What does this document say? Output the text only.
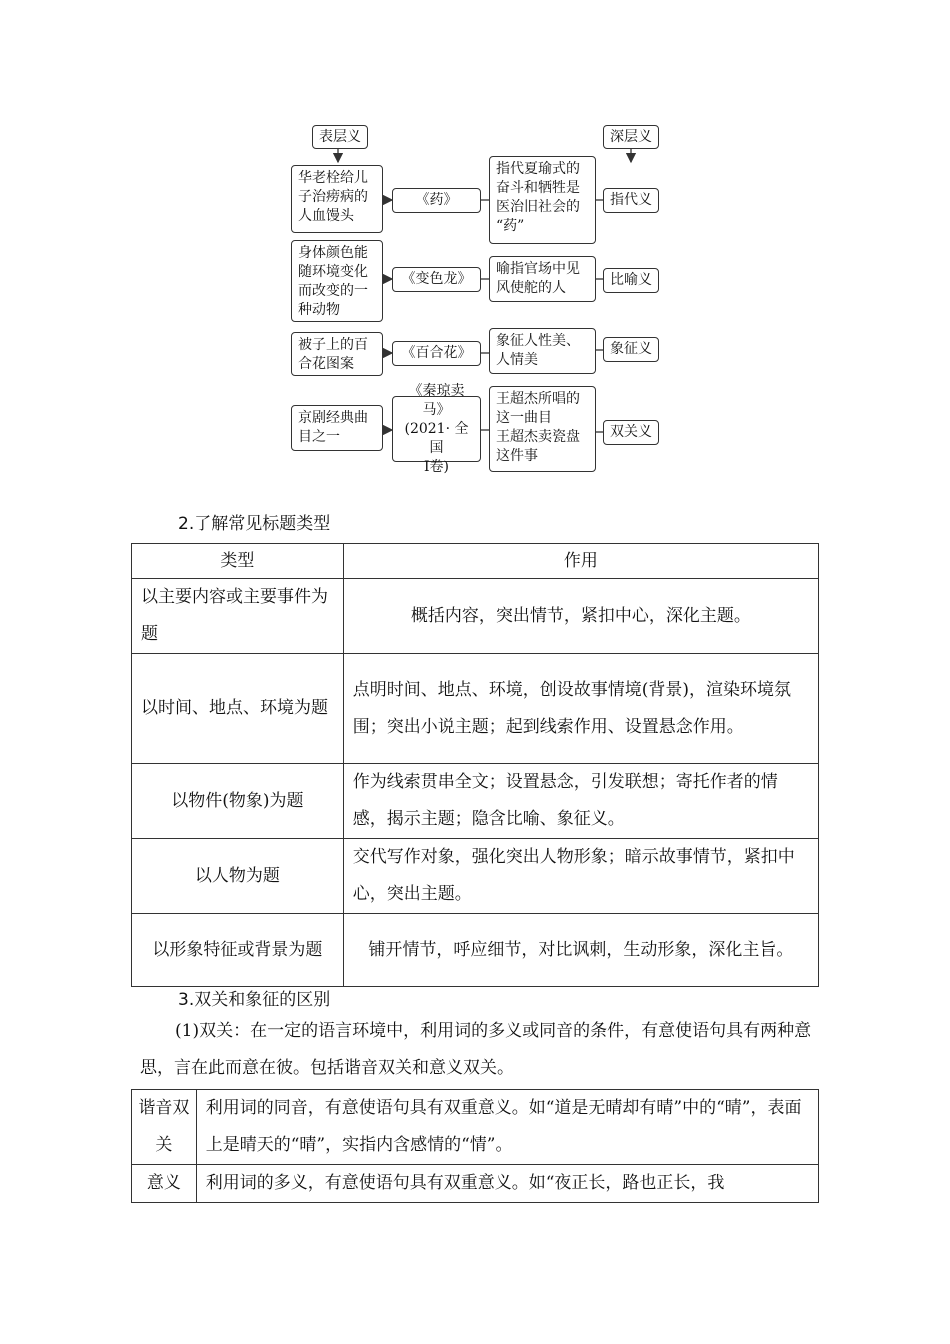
表层义	深层义
华老栓给儿
子治痨病的
人血馒头
《药》
指代夏瑜式的
奋斗和牺牲是
医治旧社会的
“药”
指代义
身体颜色能
随环境变化
而改变的一
种动物
《变色龙》
喻指官场中见
风使舵的人	比喻义
被子上的百
合花图案
《百合花》
象征人性美、
人情美
象征义
京剧经典曲
目之一
《秦琼卖马》
(2021· 全国
Ⅰ卷)
王超杰所唱的
这一曲目
王超杰卖瓷盘
这件事
双关义
2.了解常见标题类型
类型	作用
以主要内容或主要事件为题	概括内容，突出情节，紧扣中心，深化主题。
以时间、地点、环境为题	点明时间、地点、环境，创设故事情境(背景)，渲染环境氛围；突出小说主题；起到线索作用、设置悬念作用。
以物件(物象)为题	作为线索贯串全文；设置悬念，引发联想；寄托作者的情感，揭示主题；隐含比喻、象征义。
以人物为题	交代写作对象，强化突出人物形象；暗示故事情节，紧扣中心，突出主题。
以形象特征或背景为题	铺开情节，呼应细节，对比讽刺，生动形象，深化主旨。
3.双关和象征的区别
(1)双关：在一定的语言环境中，利用词的多义或同音的条件，有意使语句具有两种意思，言在此而意在彼。包括谐音双关和意义双关。
谐音双关	利用词的同音，有意使语句具有双重意义。如“道是无晴却有晴”中的“晴”，表面上是晴天的“晴”，实指内含感情的“情”。
意义	利用词的多义，有意使语句具有双重意义。如“夜正长，路也正长，我
